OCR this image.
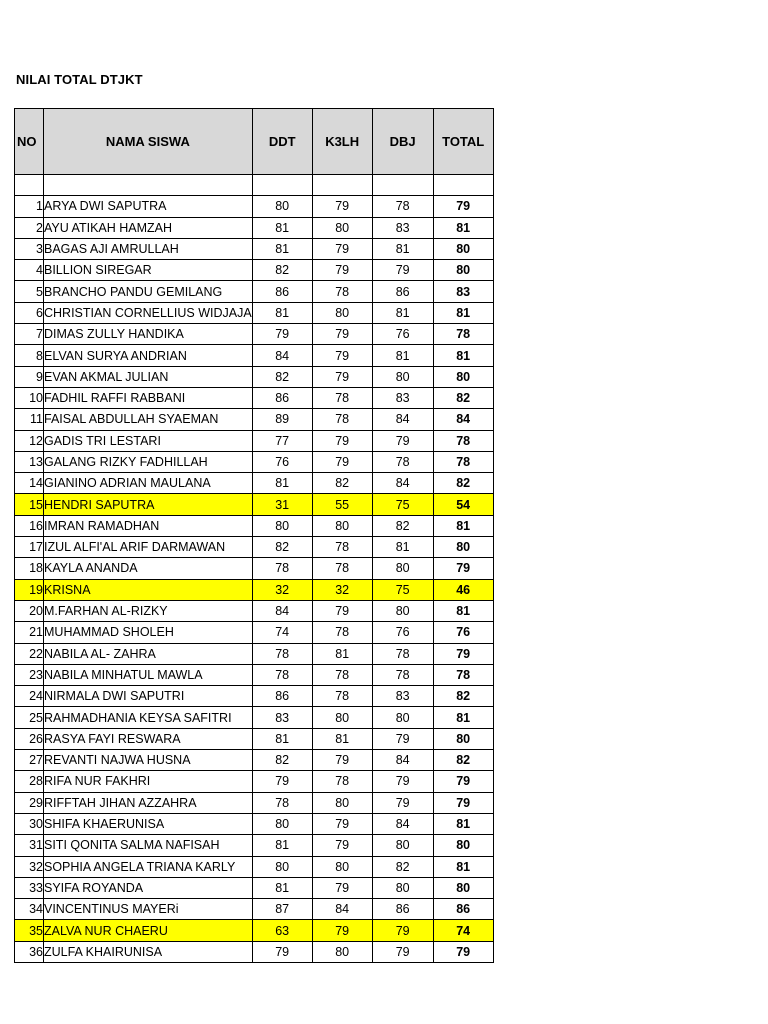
NILAI TOTAL DTJKT
NO	NAMA SISWA	DDT	K3LH	DBJ	TOTAL

1	ARYA DWI SAPUTRA	80	79	78	79
2	AYU ATIKAH HAMZAH	81	80	83	81
3	BAGAS AJI AMRULLAH	81	79	81	80
4	BILLION SIREGAR	82	79	79	80
5	BRANCHO PANDU GEMILANG	86	78	86	83
6	CHRISTIAN CORNELLIUS WIDJAJA	81	80	81	81
7	DIMAS ZULLY HANDIKA	79	79	76	78
8	ELVAN SURYA ANDRIAN	84	79	81	81
9	EVAN AKMAL JULIAN	82	79	80	80
10	FADHIL RAFFI RABBANI	86	78	83	82
11	FAISAL ABDULLAH SYAEMAN	89	78	84	84
12	GADIS TRI LESTARI	77	79	79	78
13	GALANG RIZKY FADHILLAH	76	79	78	78
14	GIANINO ADRIAN MAULANA	81	82	84	82
15	HENDRI SAPUTRA	31	55	75	54
16	IMRAN RAMADHAN	80	80	82	81
17	IZUL ALFI'AL ARIF DARMAWAN	82	78	81	80
18	KAYLA ANANDA	78	78	80	79
19	KRISNA	32	32	75	46
20	M.FARHAN AL-RIZKY	84	79	80	81
21	MUHAMMAD SHOLEH	74	78	76	76
22	NABILA AL- ZAHRA	78	81	78	79
23	NABILA MINHATUL MAWLA	78	78	78	78
24	NIRMALA DWI SAPUTRI	86	78	83	82
25	RAHMADHANIA KEYSA SAFITRI	83	80	80	81
26	RASYA FAYI RESWARA	81	81	79	80
27	REVANTI NAJWA HUSNA	82	79	84	82
28	RIFA NUR FAKHRI	79	78	79	79
29	RIFFTAH JIHAN AZZAHRA	78	80	79	79
30	SHIFA KHAERUNISA	80	79	84	81
31	SITI QONITA SALMA NAFISAH	81	79	80	80
32	SOPHIA ANGELA TRIANA KARLY	80	80	82	81
33	SYIFA ROYANDA	81	79	80	80
34	VINCENTINUS MAYERi	87	84	86	86
35	ZALVA NUR CHAERU	63	79	79	74
36	ZULFA KHAIRUNISA	79	80	79	79
